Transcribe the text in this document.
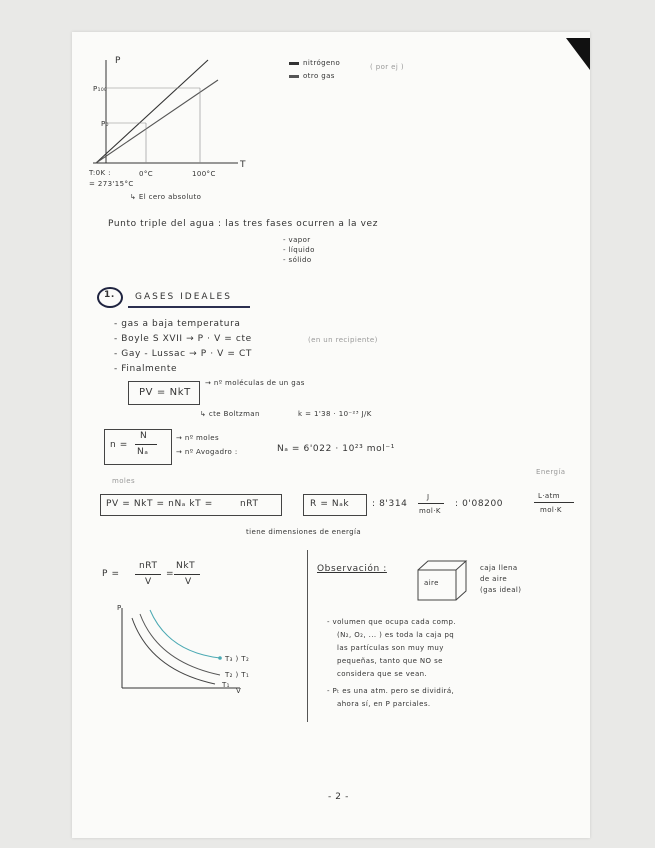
P
T
P₁₀₀
P₀
T:0K :
= 273'15°C
0°C	100°C
↳ El cero absoluto
nitrógeno
otro gas
( por ej )
Punto triple del agua : las tres fases ocurren a la vez
- vapor
- líquido
- sólido
1. GASES IDEALES
- gas a baja temperatura
- Boyle S XVII → P · V = cte	(en un recipiente)
- Gay - Lussac → P · V = CT
- Finalmente
PV = NkT
→ nº moléculas de un gas
↳ cte Boltzman	k = 1'38 · 10⁻²³ J/K
n =
N
Nₐ
→ nº moles
→ nº Avogadro :	Nₐ = 6'022 · 10²³ mol⁻¹
moles
Energía
PV = NkT = nNₐ kT =	nRT	R = Nₐk	: 8'314
J
mol·K
: 0'08200
L·atm
mol·K
tiene dimensiones de energía
P =
nRT
V
=
NkT
V
P
V
T₃ ) T₂
T₂ ) T₁
T₁
Observación :
aire
caja llena
de aire
(gas ideal)
- volumen que ocupa cada comp.
(N₂, O₂, ... ) es toda la caja pq
las partículas son muy muy
pequeñas, tanto que NO se
considera que se vean.
- Pₜ es una atm. pero se dividirá,
ahora sí, en P parciales.
- 2 -
